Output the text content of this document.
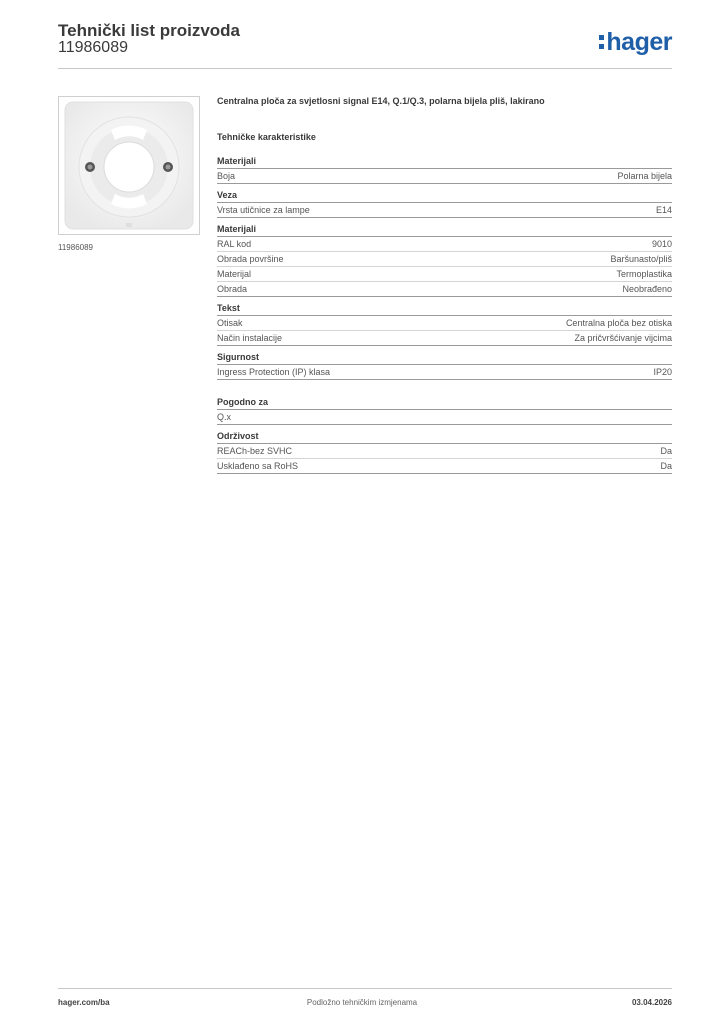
Tehnički list proizvoda
11986089	hager
11986089
Centralna ploča za svjetlosni signal E14, Q.1/Q.3, polarna bijela pliš, lakirano
Tehničke karakteristike
Materijali
Boja	Polarna bijela
Veza
Vrsta utičnice za lampe	E14
Materijali
RAL kod	9010
Obrada površine	Baršunasto/pliš
Materijal	Termoplastika
Obrada	Neobrađeno
Tekst
Otisak	Centralna ploča bez otiska
Način instalacije	Za pričvršćivanje vijcima
Sigurnost
Ingress Protection (IP) klasa	IP20
Pogodno za
Q.x
Održivost
REACh-bez SVHC	Da
Usklađeno sa RoHS	Da
hager.com/ba	Podložno tehničkim izmjenama	03.04.2026
